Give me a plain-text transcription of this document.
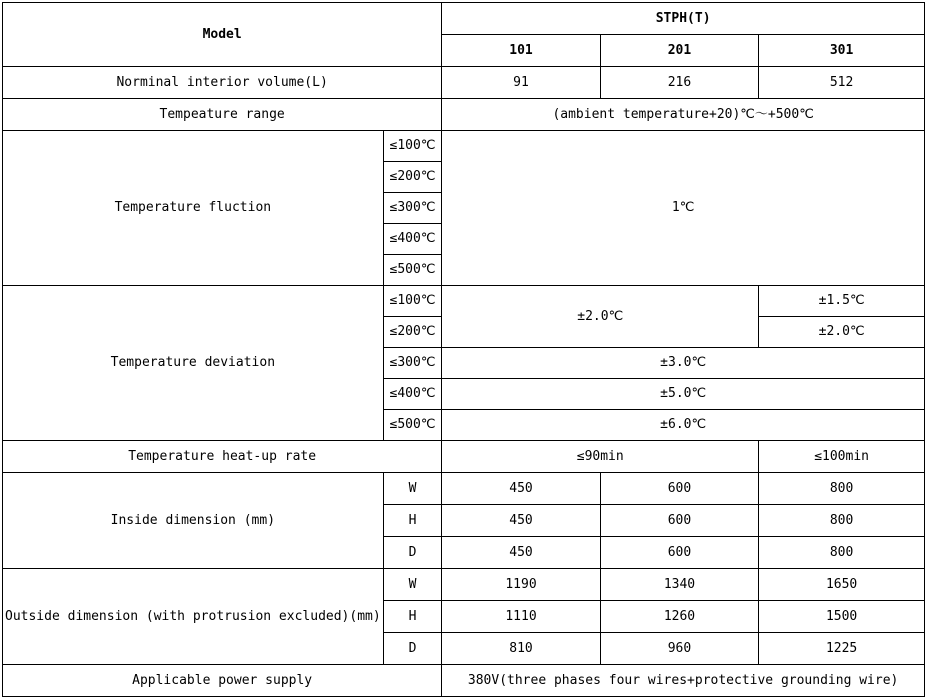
Model		STPH(T)		
		101	201	301
Norminal interior volume(L)		91	216	512
Tempeature range		(ambient temperature+20)℃～+500℃		
Temperature fluction	≤100℃	1℃		
	≤200℃			
	≤300℃			
	≤400℃			
	≤500℃			
Temperature deviation	≤100℃	±2.0℃		±1.5℃
	≤200℃			±2.0℃
	≤300℃	±3.0℃		
	≤400℃	±5.0℃		
	≤500℃	±6.0℃		
Temperature heat-up rate		≤90min		≤100min
Inside dimension (mm)	W	450	600	800
	H	450	600	800
	D	450	600	800
Outside dimension (with protrusion excluded)(mm)	W	1190	1340	1650
	H	1110	1260	1500
	D	810	960	1225
Applicable power supply		380V(three phases four wires+protective grounding wire)		
